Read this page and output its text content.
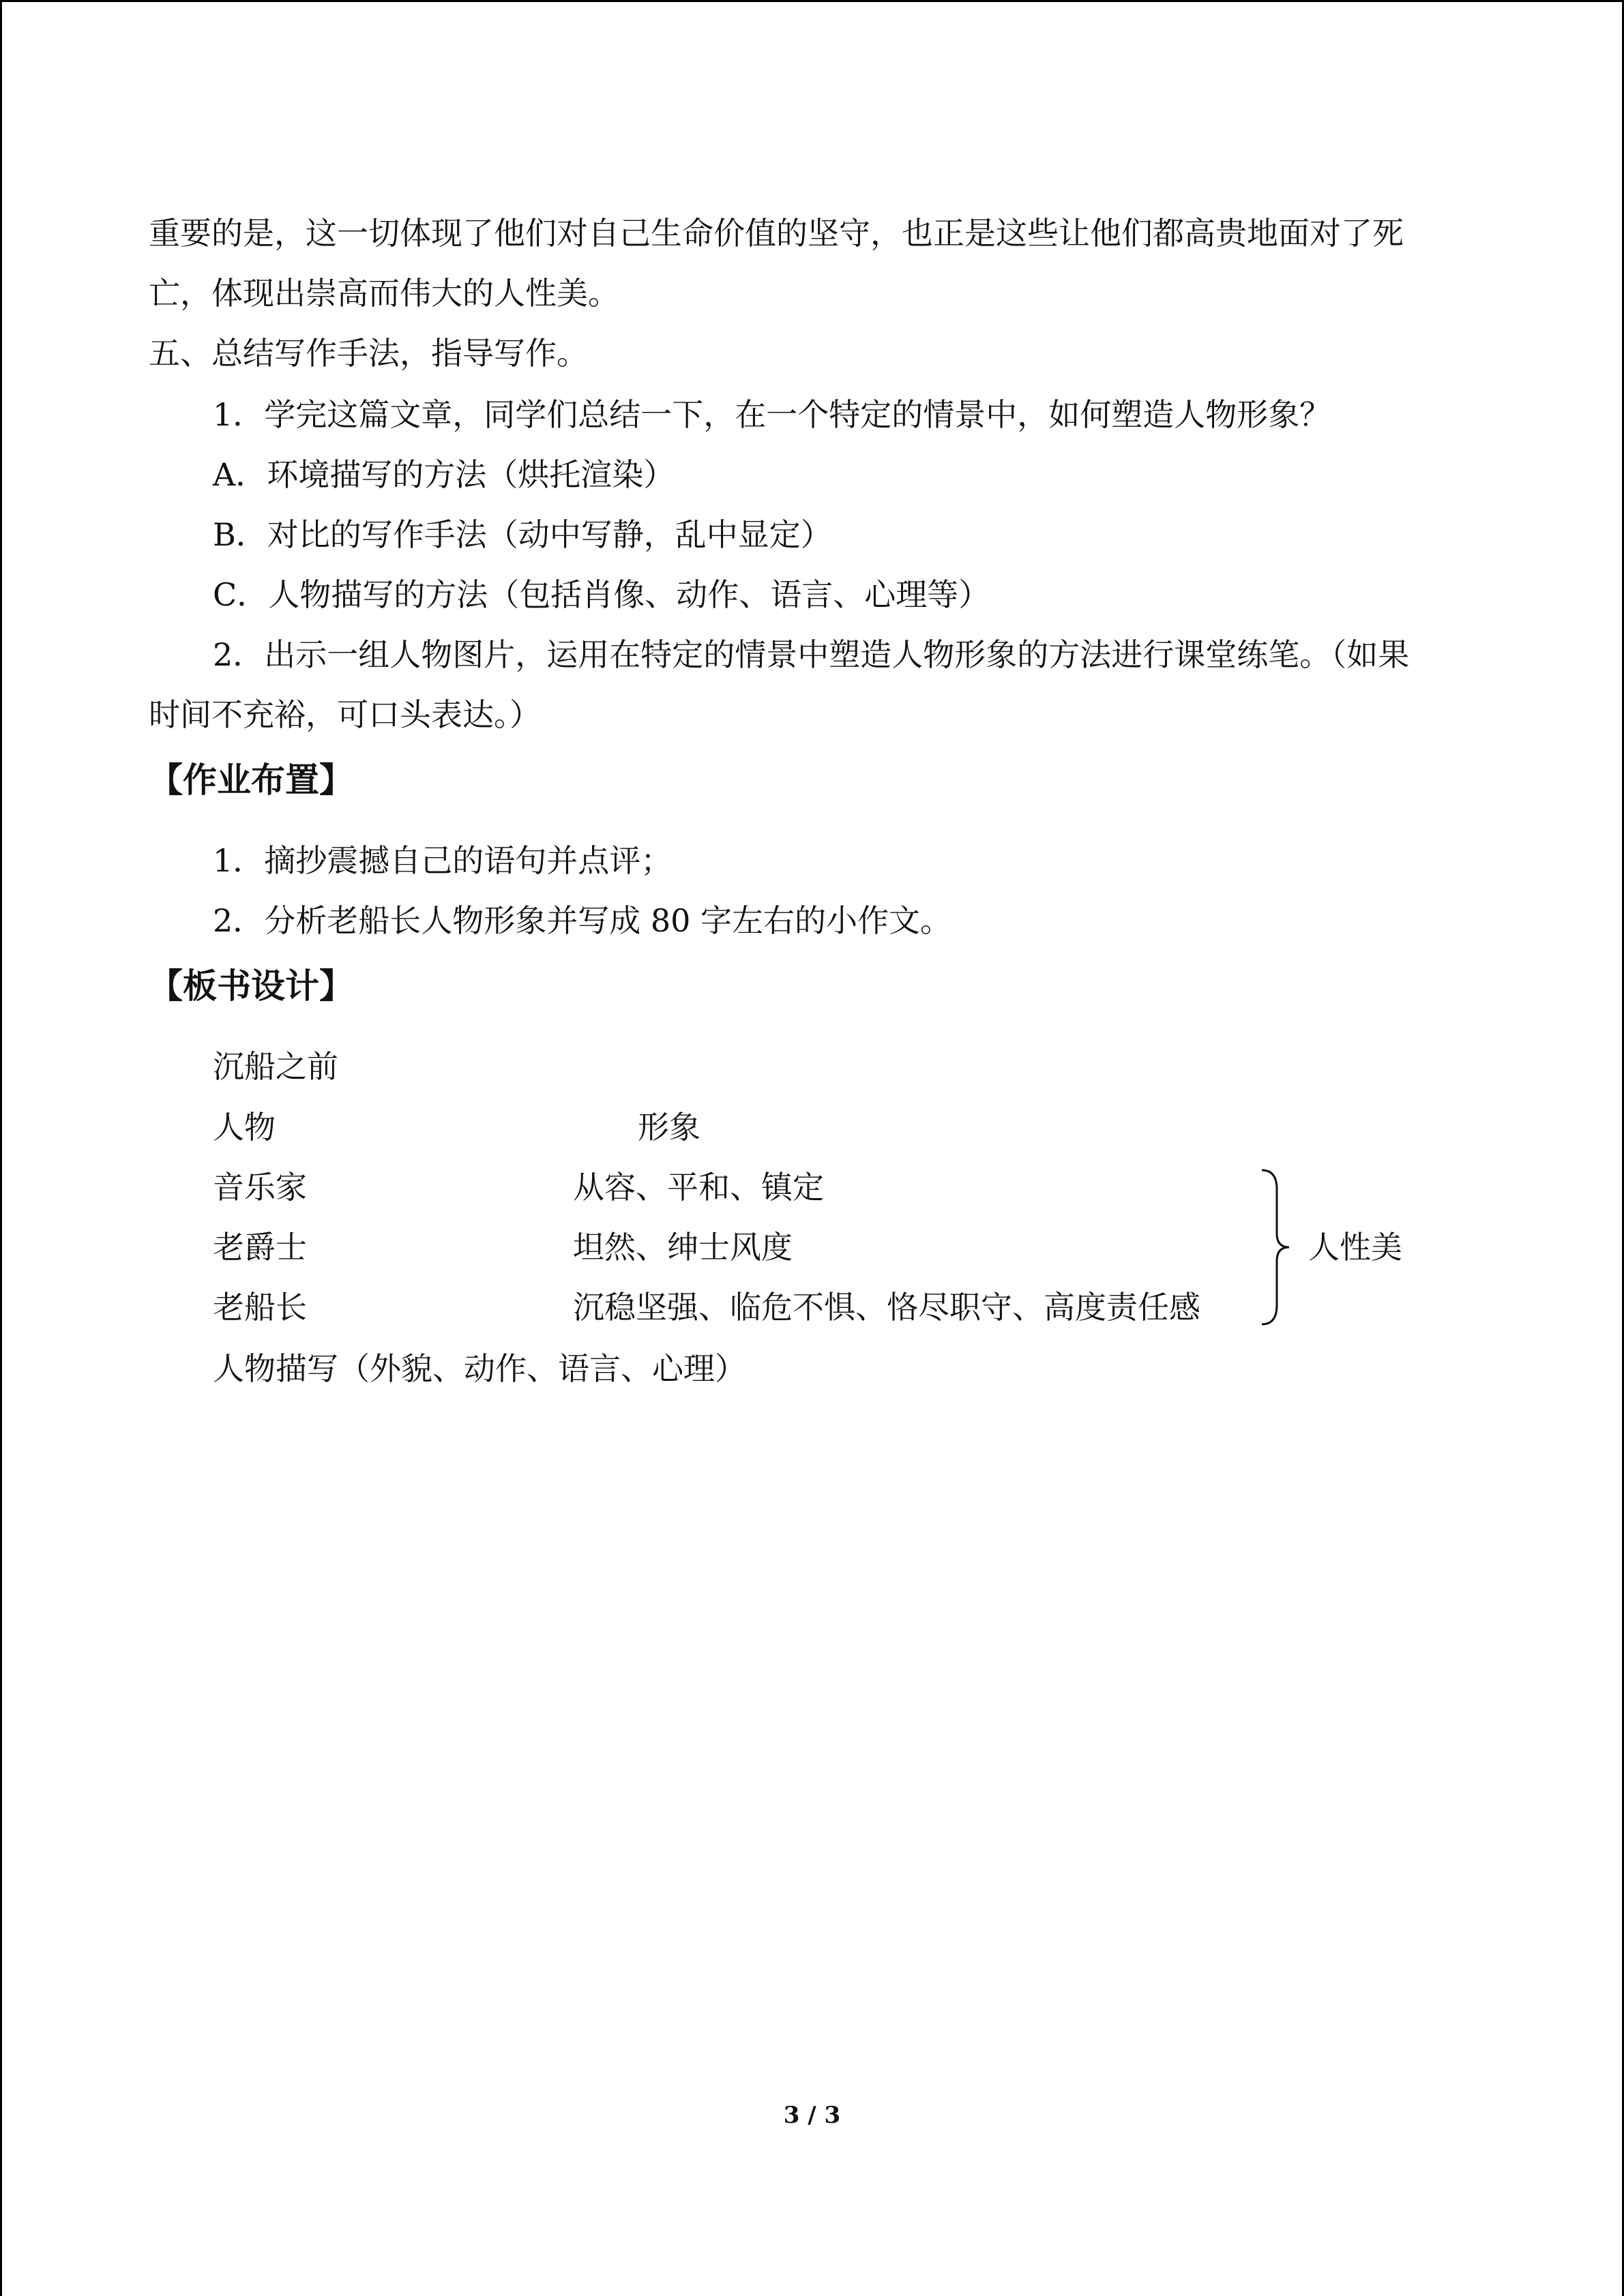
重要的是，这一切体现了他们对自己生命价值的坚守，也正是这些让他们都高贵地面对了死

亡，体现出崇高而伟大的人性美。

五、总结写作手法，指导写作。

1．学完这篇文章，同学们总结一下，在一个特定的情景中，如何塑造人物形象？

A．环境描写的方法（烘托渲染）

B．对比的写作手法（动中写静，乱中显定）

C．人物描写的方法（包括肖像、动作、语言、心理等）

2．出示一组人物图片，运用在特定的情景中塑造人物形象的方法进行课堂练笔。（如果

时间不充裕，可口头表达。）

【作业布置】

1．摘抄震撼自己的语句并点评；

2．分析老船长人物形象并写成 80 字左右的小作文。

【板书设计】

沉船之前

人物	形象
音乐家	从容、平和、镇定
老爵士	坦然、绅士风度
老船长	沉稳坚强、临危不惧、恪尽职守、高度责任感
人性美

人物描写（外貌、动作、语言、心理）

3 / 3
